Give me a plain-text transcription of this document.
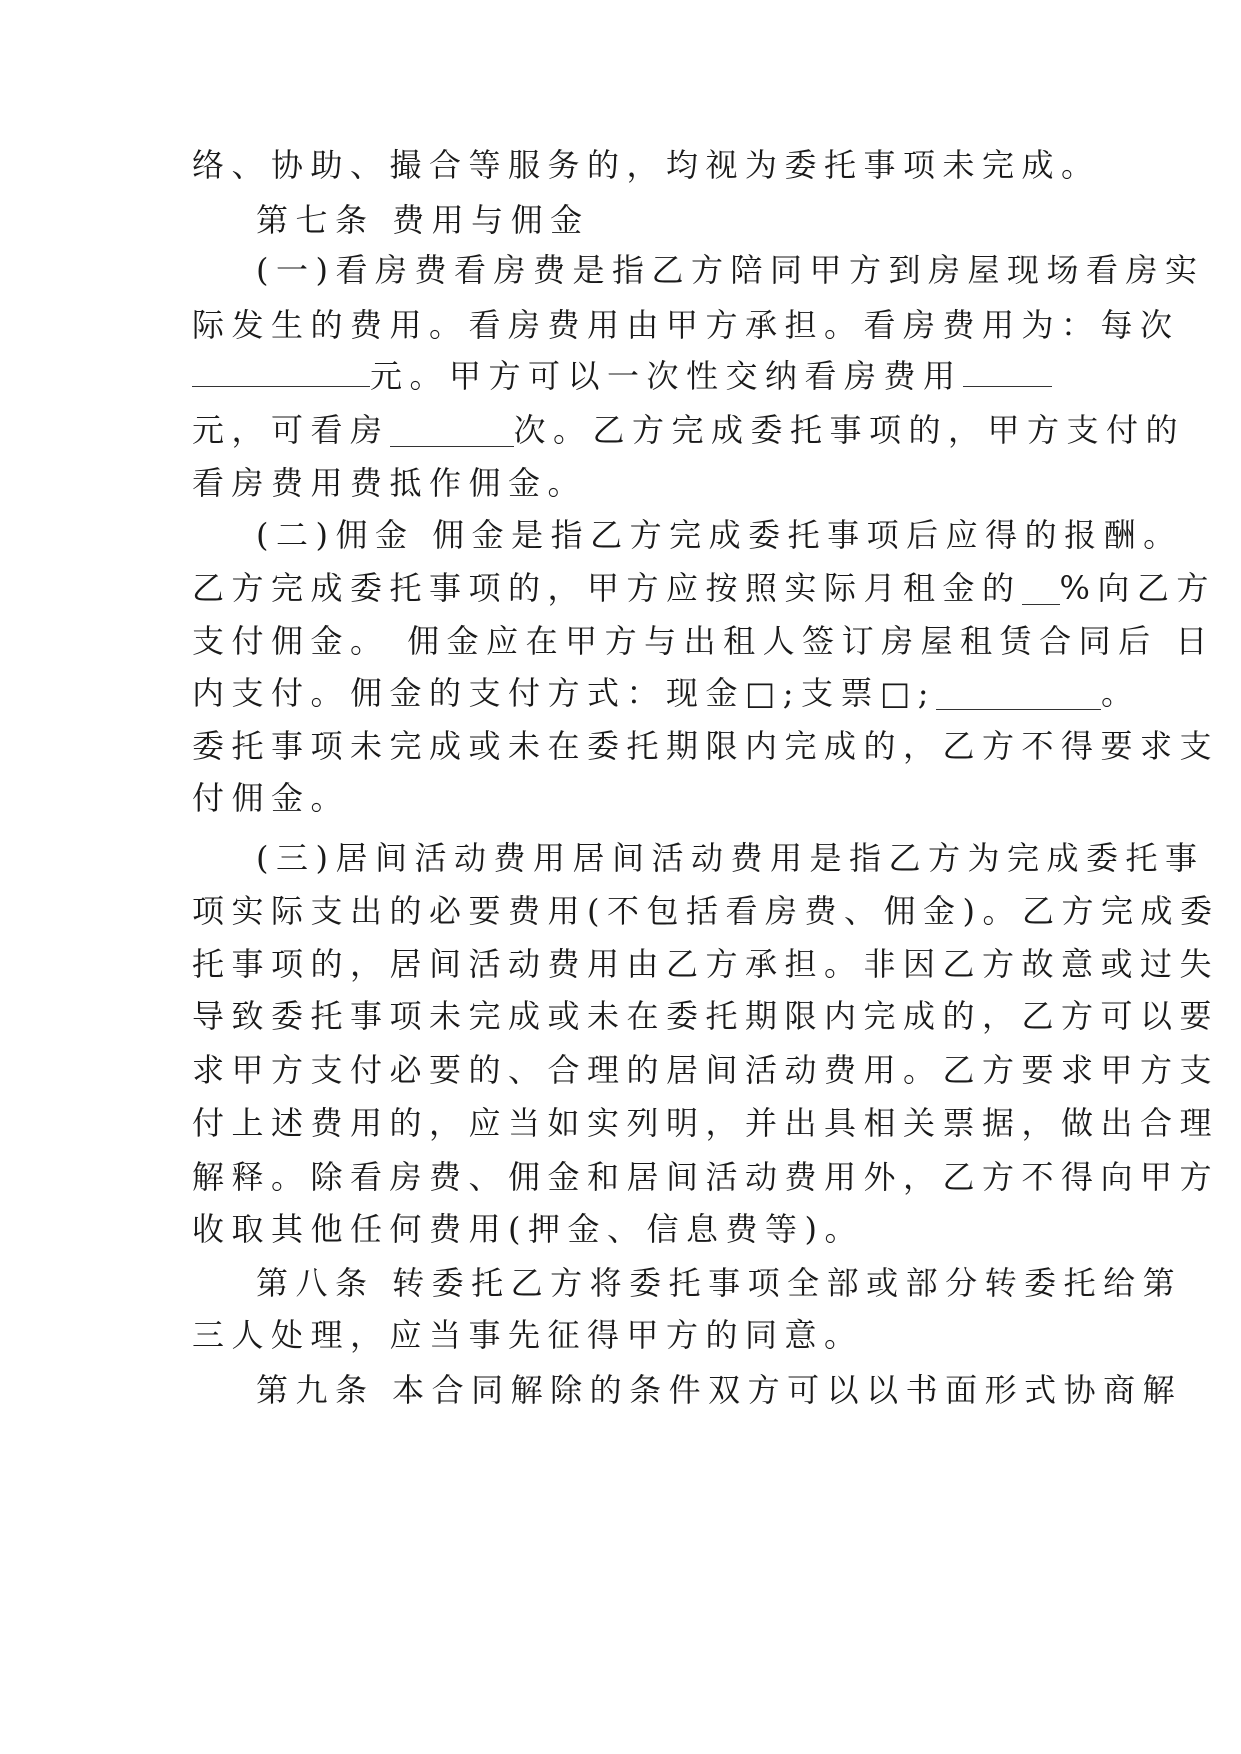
络、协助、撮合等服务的，均视为委托事项未完成。
第七条 费用与佣金
(一)看房费看房费是指乙方陪同甲方到房屋现场看房实
际发生的费用。看房费用由甲方承担。看房费用为：每次
元。甲方可以一次性交纳看房费用
元，可看房	次。乙方完成委托事项的，甲方支付的
看房费用费抵作佣金。
(二)佣金 佣金是指乙方完成委托事项后应得的报酬。
乙方完成委托事项的，甲方应按照实际月租金的 %向乙方
支付佣金。 佣金应在甲方与出租人签订房屋租赁合同后 日
内支付。佣金的支付方式：现金□;支票□;	。
委托事项未完成或未在委托期限内完成的，乙方不得要求支
付佣金。
(三)居间活动费用居间活动费用是指乙方为完成委托事
项实际支出的必要费用(不包括看房费、佣金)。乙方完成委
托事项的，居间活动费用由乙方承担。非因乙方故意或过失
导致委托事项未完成或未在委托期限内完成的，乙方可以要
求甲方支付必要的、合理的居间活动费用。乙方要求甲方支
付上述费用的，应当如实列明，并出具相关票据，做出合理
解释。除看房费、佣金和居间活动费用外，乙方不得向甲方
收取其他任何费用(押金、信息费等)。
第八条 转委托乙方将委托事项全部或部分转委托给第
三人处理，应当事先征得甲方的同意。
第九条 本合同解除的条件双方可以以书面形式协商解
